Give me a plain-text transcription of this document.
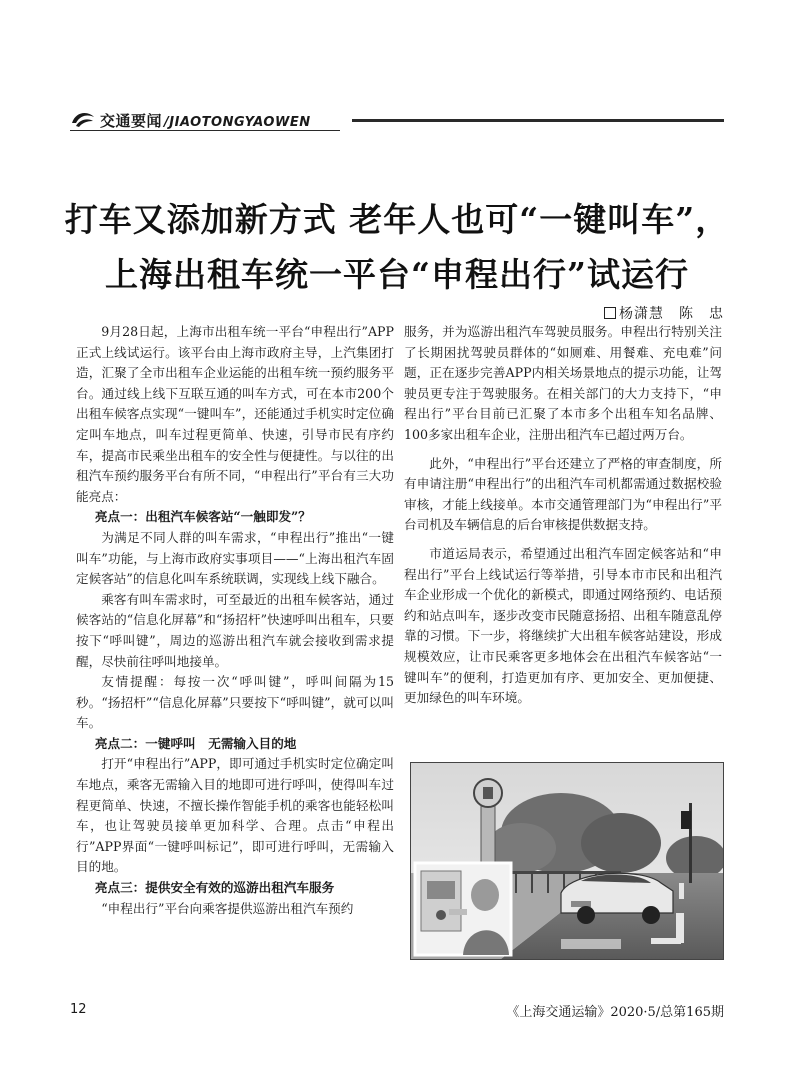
交通要闻 /JIAOTONGYAOWEN
打车又添加新方式 老年人也可“一键叫车”，
上海出租车统一平台“申程出行”试运行
杨潇慧　陈　忠

9月28日起，上海市出租车统一平台“申程出行”APP正式上线试运行。该平台由上海市政府主导，上汽集团打造，汇聚了全市出租车企业运能的出租车统一预约服务平台。通过线上线下互联互通的叫车方式，可在本市200个出租车候客点实现“一键叫车”，还能通过手机实时定位确定叫车地点，叫车过程更简单、快速，引导市民有序约车，提高市民乘坐出租车的安全性与便捷性。与以往的出租汽车预约服务平台有所不同，“申程出行”平台有三大功能亮点：

亮点一：出租汽车候客站“一触即发”？

为满足不同人群的叫车需求，“申程出行”推出“一键叫车”功能，与上海市政府实事项目——“上海出租汽车固定候客站”的信息化叫车系统联调，实现线上线下融合。

乘客有叫车需求时，可至最近的出租车候客站，通过候客站的“信息化屏幕”和“扬招杆”快速呼叫出租车，只要按下“呼叫键”，周边的巡游出租汽车就会接收到需求提醒，尽快前往呼叫地接单。

友情提醒：每按一次“呼叫键”，呼叫间隔为15秒。“扬招杆”“信息化屏幕”只要按下“呼叫键”，就可以叫车。

亮点二：一键呼叫　无需输入目的地

打开“申程出行”APP，即可通过手机实时定位确定叫车地点，乘客无需输入目的地即可进行呼叫，使得叫车过程更简单、快速，不擅长操作智能手机的乘客也能轻松叫车，也让驾驶员接单更加科学、合理。点击“申程出行”APP界面“一键呼叫标记”，即可进行呼叫，无需输入目的地。

亮点三：提供安全有效的巡游出租汽车服务

“申程出行”平台向乘客提供巡游出租汽车预约

服务，并为巡游出租汽车驾驶员服务。申程出行特别关注了长期困扰驾驶员群体的“如厕难、用餐难、充电难”问题，正在逐步完善APP内相关场景地点的提示功能，让驾驶员更专注于驾驶服务。在相关部门的大力支持下，“申程出行”平台目前已汇聚了本市多个出租车知名品牌、100多家出租车企业，注册出租汽车已超过两万台。

此外，“申程出行”平台还建立了严格的审查制度，所有申请注册“申程出行”的出租汽车司机都需通过数据校验审核，才能上线接单。本市交通管理部门为“申程出行”平台司机及车辆信息的后台审核提供数据支持。

市道运局表示，希望通过出租汽车固定候客站和“申程出行”平台上线试运行等举措，引导本市市民和出租汽车企业形成一个优化的新模式，即通过网络预约、电话预约和站点叫车，逐步改变市民随意扬招、出租车随意乱停靠的习惯。下一步，将继续扩大出租车候客站建设，形成规模效应，让市民乘客更多地体会在出租汽车候客站“一键叫车”的便利，打造更加有序、更加安全、更加便捷、更加绿色的叫车环境。

12	《上海交通运输》2020·5/总第165期
